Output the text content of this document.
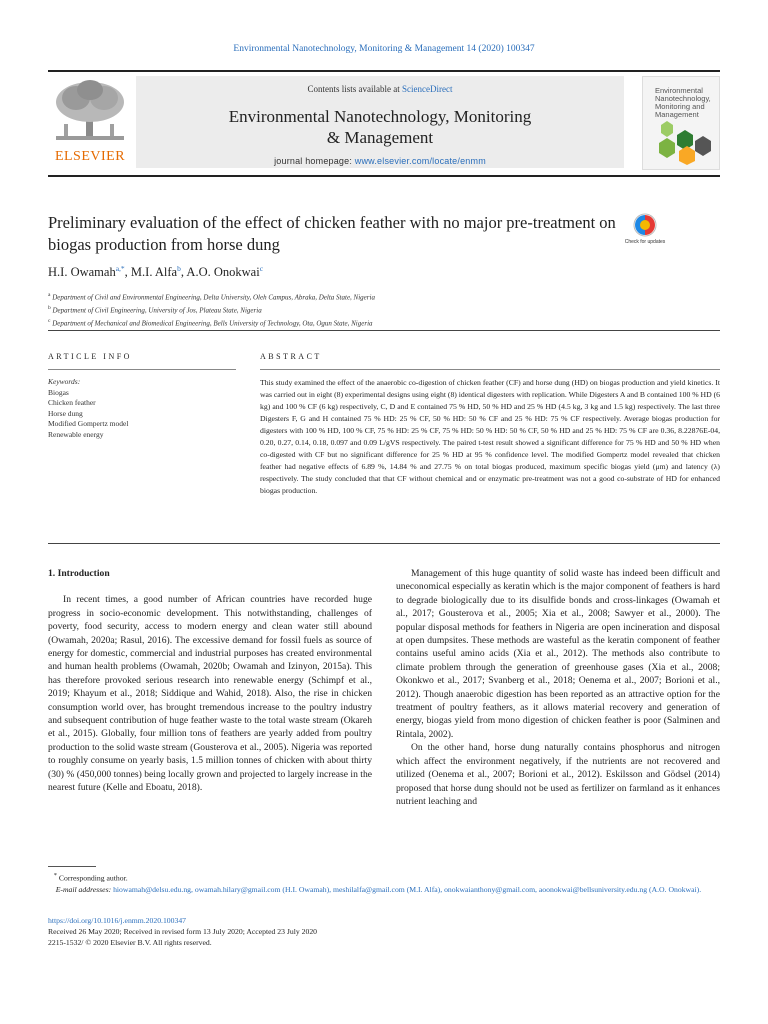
Environmental Nanotechnology, Monitoring & Management 14 (2020) 100347
ELSEVIER
Contents lists available at ScienceDirect
Environmental Nanotechnology, Monitoring
& Management
journal homepage: www.elsevier.com/locate/enmm
Environmental Nanotechnology, Monitoring and Management
Preliminary evaluation of the effect of chicken feather with no major pre-treatment on biogas production from horse dung	Check for updates
H.I. Owamah$^{a,*}$, M.I. Alfa$^b$, A.O. Onokwai$^c$
$^a$ Department of Civil and Environmental Engineering, Delta University, Oleh Campus, Abraka, Delta State, Nigeria
$^b$ Department of Civil Engineering, University of Jos, Plateau State, Nigeria
$^c$ Department of Mechanical and Biomedical Engineering, Bells University of Technology, Ota, Ogun State, Nigeria
ARTICLE INFO	ABSTRACT
Keywords:
Biogas
Chicken feather
Horse dung
Modified Gompertz model
Renewable energy
This study examined the effect of the anaerobic co-digestion of chicken feather (CF) and horse dung (HD) on biogas production and yield kinetics. It was carried out in eight (8) experimental designs using eight (8) identical digesters with replication. While Digesters A and B contained 100 % HD (6 kg) and 100 % CF (6 kg) respectively, C, D and E contained 75 % HD, 50 % HD and 25 % HD (4.5 kg, 3 kg and 1.5 kg) respectively. The last three Digesters F, G and H contained 75 % HD: 25 % CF, 50 % HD: 50 % CF and 25 % HD: 75 % CF respectively. Average biogas production for digesters with 100 % HD, 100 % CF, 75 % HD: 25 % CF, 75 % HD: 50 % HD: 50 % CF, 50 % HD and 25 % HD: 75 % CF are 0.36, 8.22876E-04, 0.20, 0.27, 0.14, 0.18, 0.097 and 0.09 L/gVS respectively. The paired t-test result showed a significant difference for 75 % HD and 50 % HD when co-digested with CF but no significant difference for 25 % HD at 95 % confidence level. The modified Gompertz model revealed that chicken feather had negative effects of 6.89 %, 14.84 % and 27.75 % on total biogas produced, maximum specific biogas yield (μm) and latency (λ) respectively. The study concluded that that CF without chemical and or enzymatic pre-treatment was not a good co-substrate of HD for enhanced biogas production.
1. Introduction

In recent times, a good number of African countries have recorded huge progress in socio-economic development. This notwithstanding, challenges of poverty, food security, access to modern energy and clean water still abound (Owamah, 2020a; Rasul, 2016). The excessive demand for fossil fuels as source of energy for domestic, commercial and industrial purposes has created environmental and human health problems (Owamah, 2020b; Owamah and Izinyon, 2015a). This has therefore provoked serious research into renewable energy (Schimpf et al., 2019; Khayum et al., 2018; Siddique and Wahid, 2018). Also, the rise in chicken consumption world over, has brought tremendous increase to the poultry industry and subsequent contribution of huge feather waste to the total waste stream (Okareh et al., 2015). Globally, four million tons of feathers are yearly added from poultry production to the solid waste stream (Gousterova et al., 2005). Nigeria was reported to roughly consume on yearly basis, 1.5 million tonnes of chicken with about thirty (30) % (450,000 tonnes) being locally grown and projected to largely increase in the nearest future (Kelle and Eboatu, 2018).

Management of this huge quantity of solid waste has indeed been difficult and uneconomical especially as keratin which is the major component of feathers is hard to degrade biologically due to its disulfide bonds and cross-linkages (Owamah et al., 2017; Gousterova et al., 2005; Xia et al., 2008; Sawyer et al., 2000). The popular disposal methods for feathers in Nigeria are open incineration and disposal at open dumpsites. These methods are wasteful as the keratin component of feather contains useful amino acids (Xia et al., 2012). The methods also contribute to climate problem through the generation of greenhouse gases (Xia et al., 2008; Okonkwo et al., 2017; Svanberg et al., 2018; Oenema et al., 2007; Borioni et al., 2012). Though anaerobic digestion has been reported as an attractive option for the treatment of poultry feathers, as it allows material recovery and generation of energy, biogas yield from mono digestion of chicken feather is poor (Salminen and Rintala, 2002).

On the other hand, horse dung naturally contains phosphorus and nitrogen which affect the environment negatively, if the nutrients are not recovered and utilized (Oenema et al., 2007; Borioni et al., 2012). Eskilsson and Gödsel (2014) proposed that horse dung should not be used as fertilizer on farmland as it enhances nutrient leaching and

* Corresponding author.

E-mail addresses: hiowamah@delsu.edu.ng, owamah.hilary@gmail.com (H.I. Owamah), meshilalfa@gmail.com (M.I. Alfa), onokwaianthony@gmail.com, aoonokwai@bellsuniversity.edu.ng (A.O. Onokwai).

https://doi.org/10.1016/j.enmm.2020.100347

Received 26 May 2020; Received in revised form 13 July 2020; Accepted 23 July 2020

2215-1532/ © 2020 Elsevier B.V. All rights reserved.
